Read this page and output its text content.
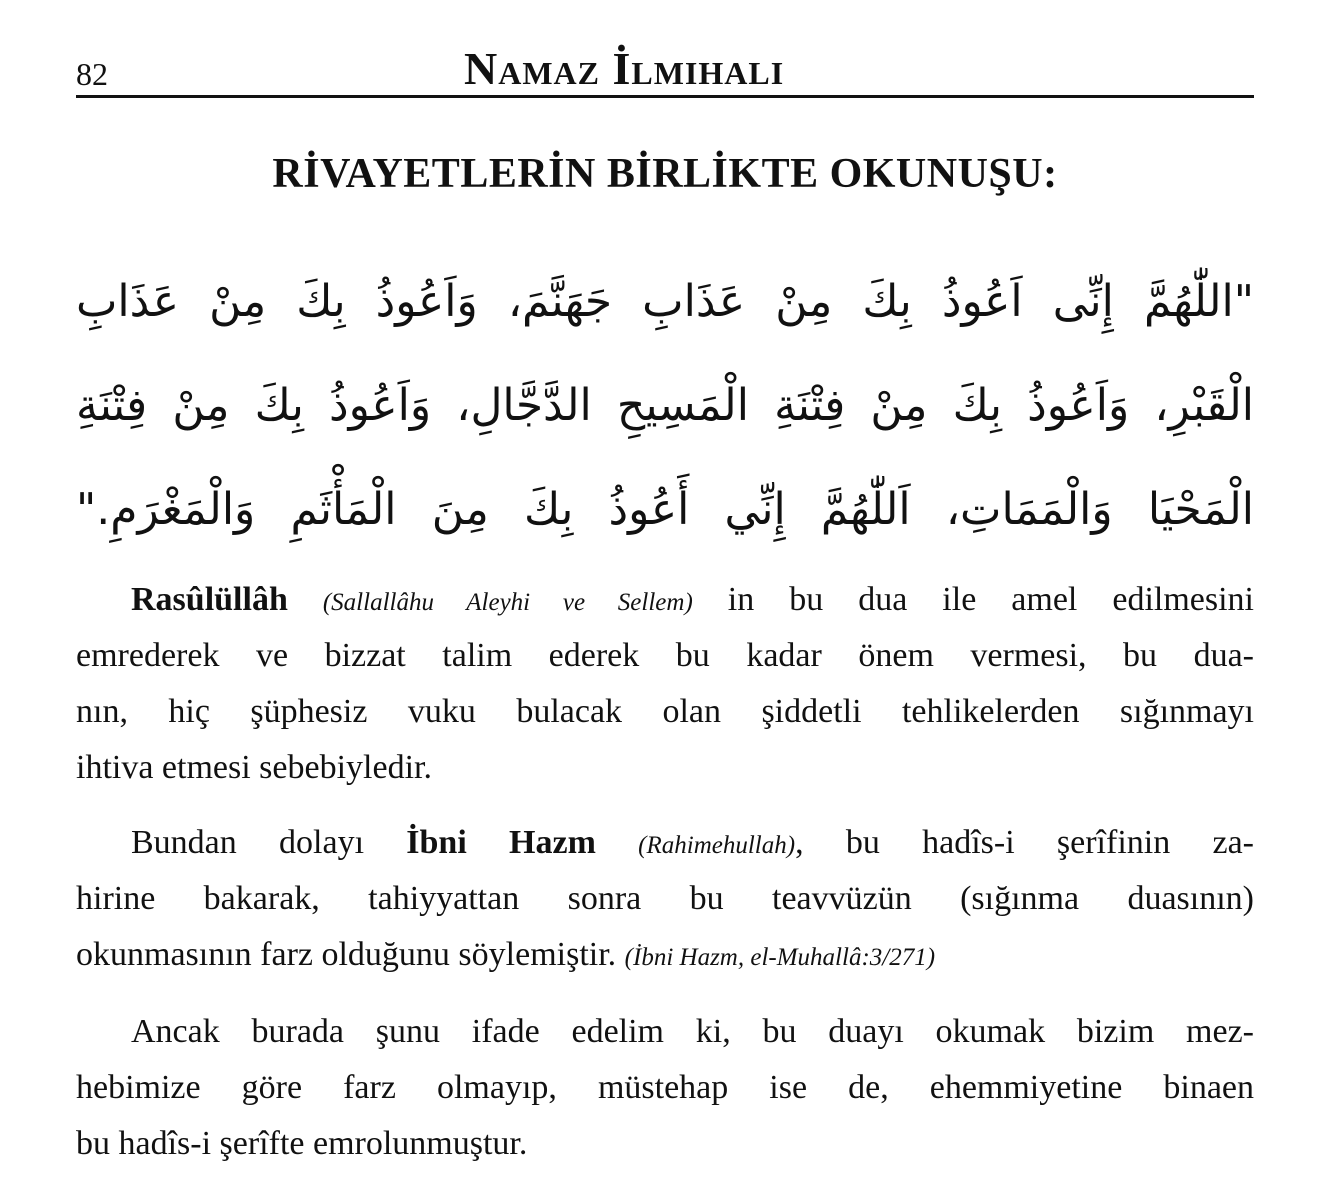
82	Namaz İlmihali
RİVAYETLERİN BİRLİKTE OKUNUŞU:
"اللّٰهُمَّ إِنِّى اَعُوذُ بِكَ مِنْ عَذَابِ جَهَنَّمَ، وَاَعُوذُ بِكَ مِنْ عَذَابِ
الْقَبْرِ، وَاَعُوذُ بِكَ مِنْ فِتْنَةِ الْمَسِيحِ الدَّجَّالِ، وَاَعُوذُ بِكَ مِنْ فِتْنَةِ
الْمَحْيَا وَالْمَمَاتِ، اَللّٰهُمَّ إِنِّي أَعُوذُ بِكَ مِنَ الْمَأْثَمِ وَالْمَغْرَمِ."
Rasûlüllâh (Sallallâhu Aleyhi ve Sellem) in bu dua ile amel edilmesini
emrederek ve bizzat talim ederek bu kadar önem vermesi, bu dua-
nın, hiç şüphesiz vuku bulacak olan şiddetli tehlikelerden sığınmayı
ihtiva etmesi sebebiyledir.
Bundan dolayı İbni Hazm (Rahimehullah), bu hadîs-i şerîfinin za-
hirine bakarak, tahiyyattan sonra bu teavvüzün (sığınma duasının)
okunmasının farz olduğunu söylemiştir. (İbni Hazm, el-Muhallâ:3/271)
Ancak burada şunu ifade edelim ki, bu duayı okumak bizim mez-
hebimize göre farz olmayıp, müstehap ise de, ehemmiyetine binaen
bu hadîs-i şerîfte emrolunmuştur.
